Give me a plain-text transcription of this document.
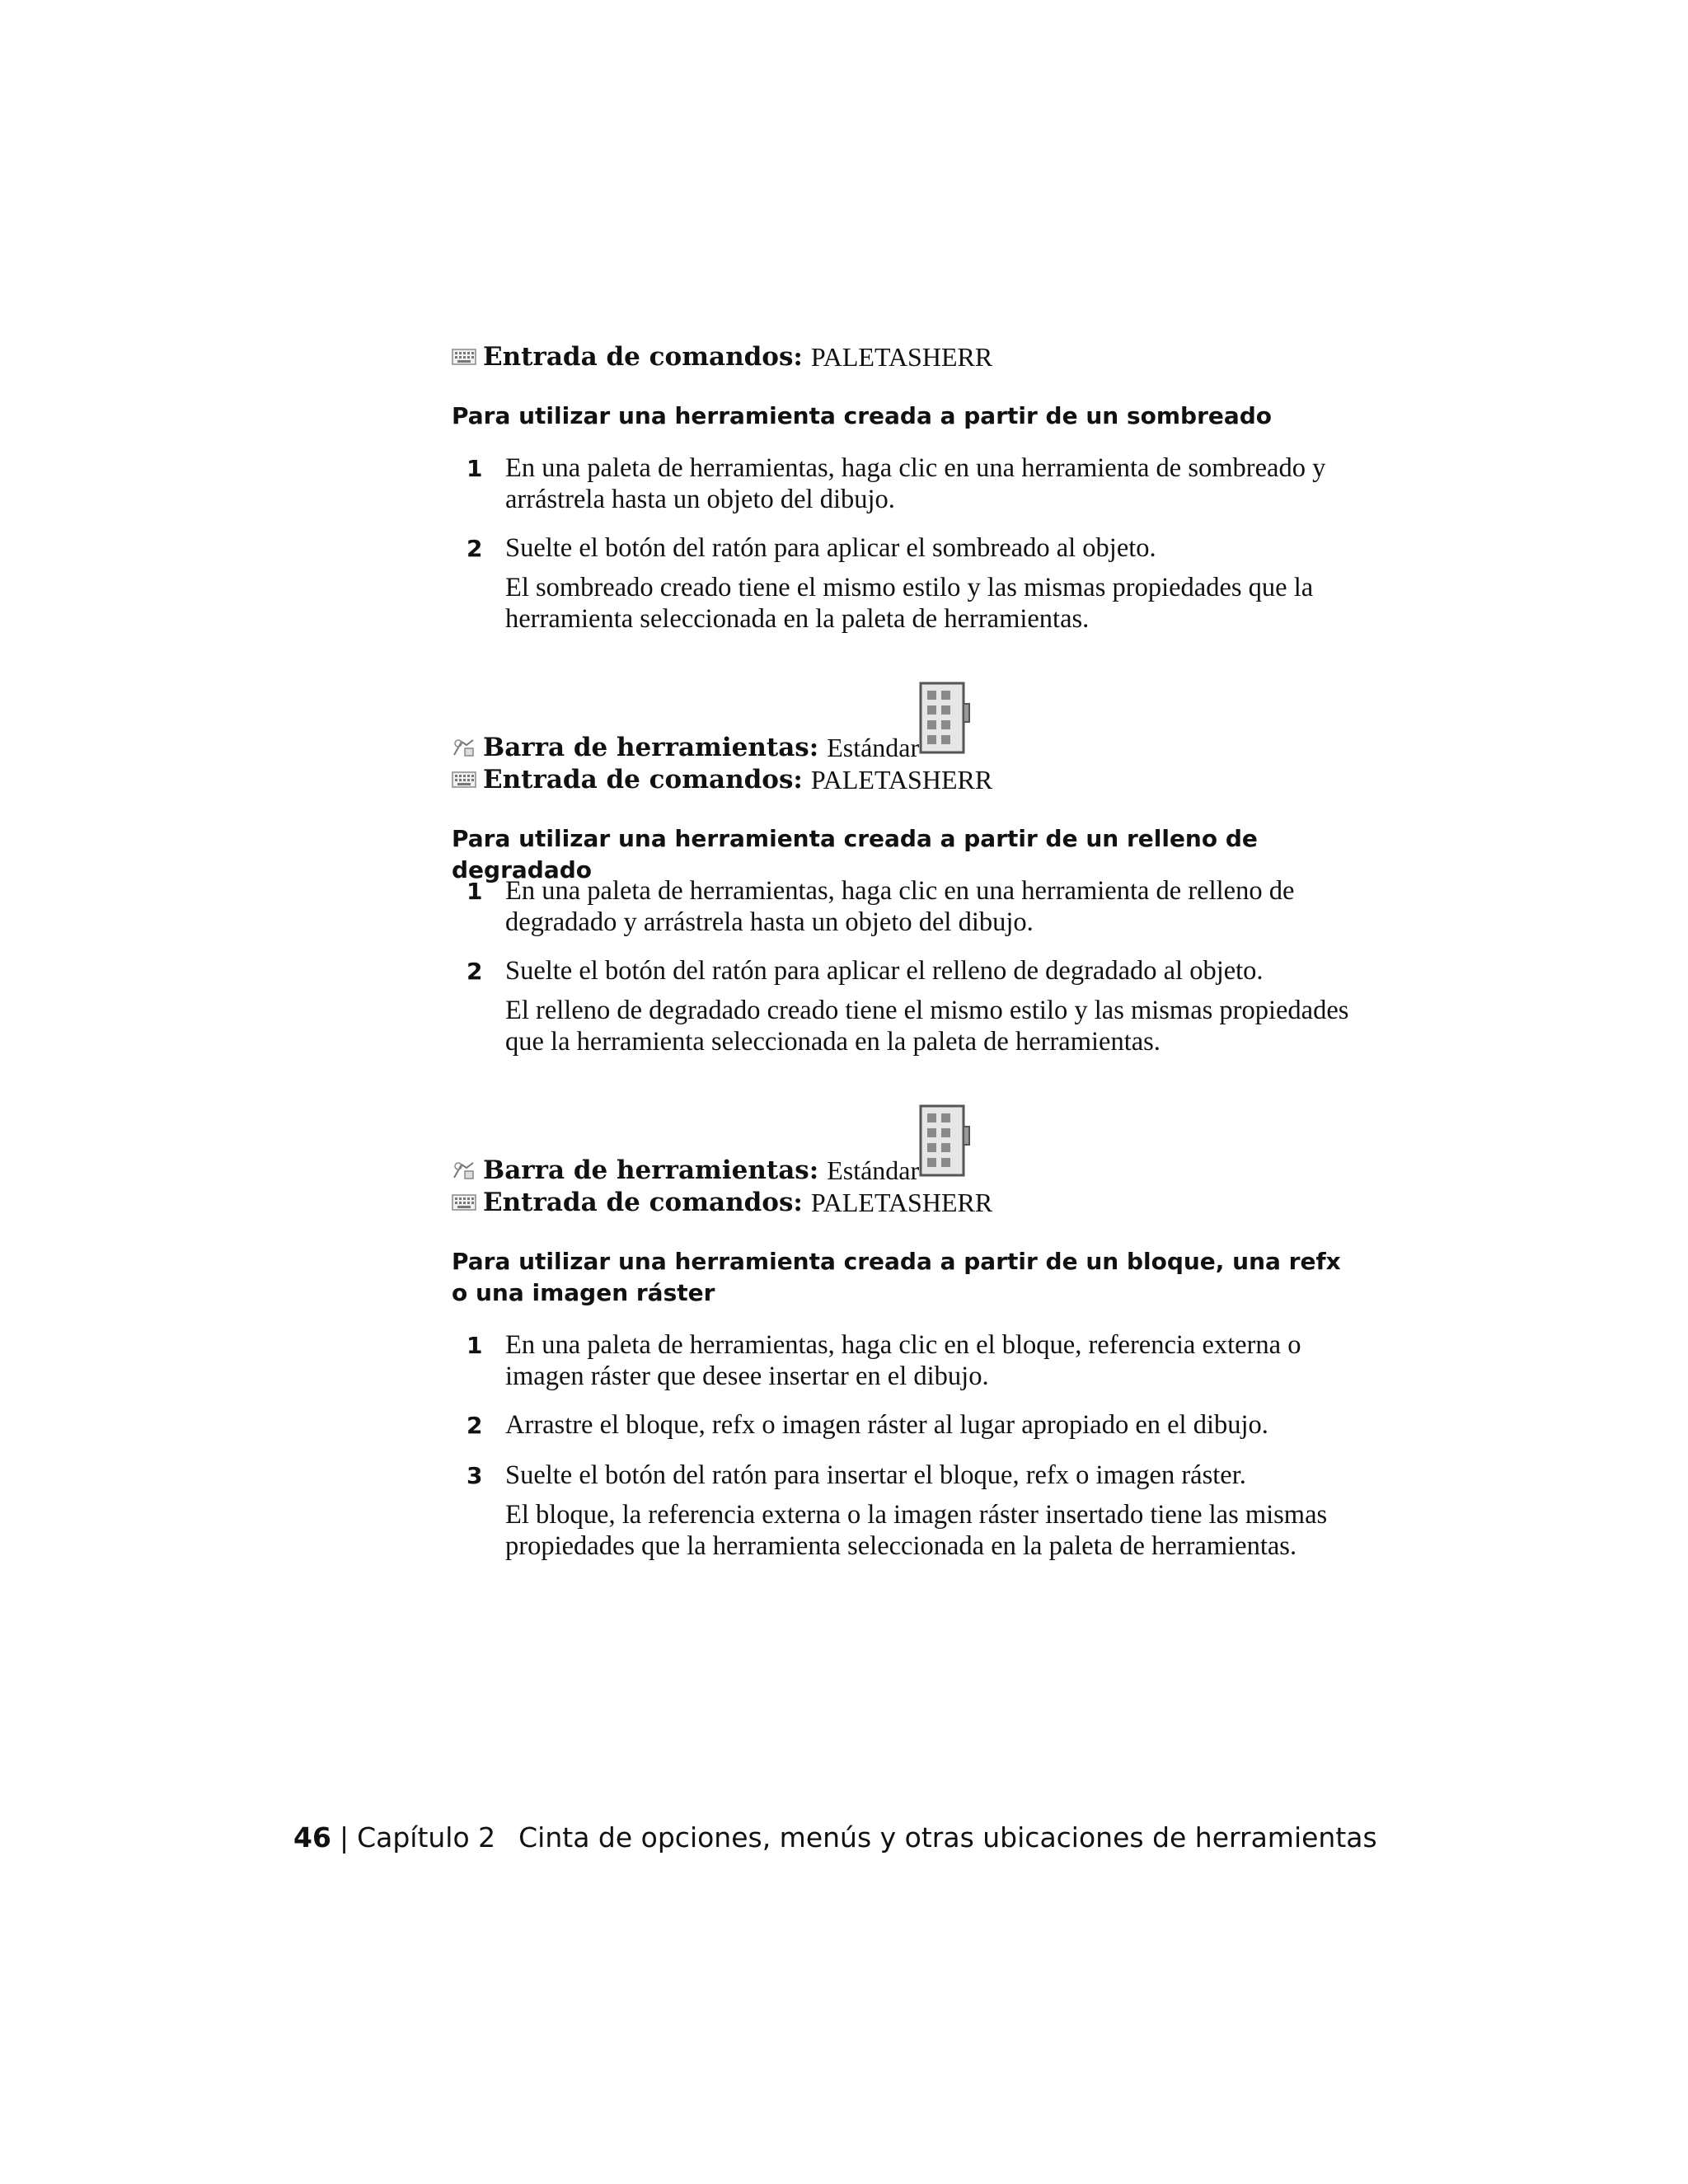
Entrada de comandos: PALETASHERR
Para utilizar una herramienta creada a partir de un sombreado
1 En una paleta de herramientas, haga clic en una herramienta de sombreado y arrástrela hasta un objeto del dibujo.
2 Suelte el botón del ratón para aplicar el sombreado al objeto.
El sombreado creado tiene el mismo estilo y las mismas propiedades que la herramienta seleccionada en la paleta de herramientas.
Barra de herramientas: Estándar
Entrada de comandos: PALETASHERR
Para utilizar una herramienta creada a partir de un relleno de degradado
1 En una paleta de herramientas, haga clic en una herramienta de relleno de degradado y arrástrela hasta un objeto del dibujo.
2 Suelte el botón del ratón para aplicar el relleno de degradado al objeto.
El relleno de degradado creado tiene el mismo estilo y las mismas propiedades que la herramienta seleccionada en la paleta de herramientas.
Barra de herramientas: Estándar
Entrada de comandos: PALETASHERR
Para utilizar una herramienta creada a partir de un bloque, una refx o una imagen ráster
1 En una paleta de herramientas, haga clic en el bloque, referencia externa o imagen ráster que desee insertar en el dibujo.
2 Arrastre el bloque, refx o imagen ráster al lugar apropiado en el dibujo.
3 Suelte el botón del ratón para insertar el bloque, refx o imagen ráster.
El bloque, la referencia externa o la imagen ráster insertado tiene las mismas propiedades que la herramienta seleccionada en la paleta de herramientas.
46 | Capítulo 2 Cinta de opciones, menús y otras ubicaciones de herramientas
